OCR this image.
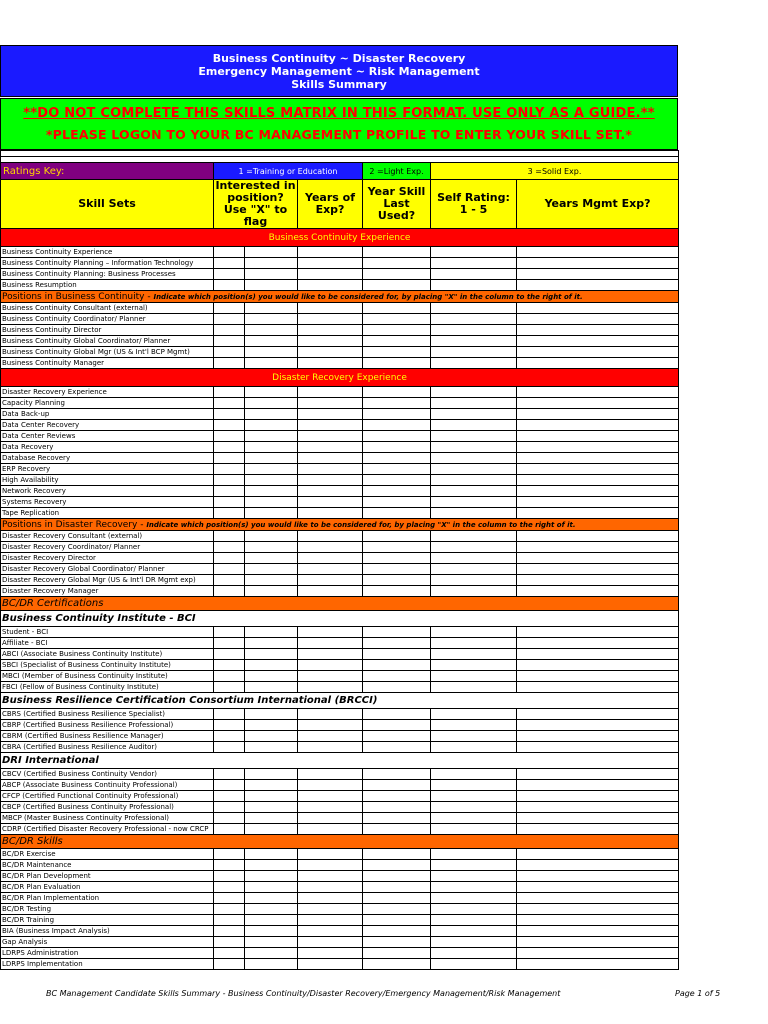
Business Continuity ~ Disaster Recovery
Emergency Management ~ Risk Management
Skills Summary
**DO NOT COMPLETE THIS SKILLS MATRIX IN THIS FORMAT. USE ONLY AS A GUIDE.**
*PLEASE LOGON TO YOUR BC MANAGEMENT PROFILE TO ENTER YOUR SKILL SET.*

Ratings Key:	1 =Training or Education			2 =Light Exp.	3 =Solid Exp.		
Skill Sets	Interested in position? Use "X" to flag		Years of Exp?	Year Skill Last Used?	Self Rating: 1 - 5	Years Mgmt Exp?	
Business Continuity Experience							
Business Continuity Experience							
Business Continuity Planning – Information Technology							
Business Continuity Planning: Business Processes							
Business Resumption							
Positions in Business Continuity - Indicate which position(s) you would like to be considered for, by placing "X" in the column to the right of it.							
Business Continuity Consultant (external)							
Business Continuity Coordinator/ Planner							
Business Continuity Director							
Business Continuity Global Coordinator/ Planner							
Business Continuity Global Mgr (US & Int'l BCP Mgmt)							
Business Continuity Manager							
Disaster Recovery Experience							
Disaster Recovery Experience							
Capacity Planning							
Data Back-up							
Data Center Recovery							
Data Center Reviews							
Data Recovery							
Database Recovery							
ERP Recovery							
High Availability							
Network Recovery							
Systems Recovery							
Tape Replication							
Positions in Disaster Recovery - Indicate which position(s) you would like to be considered for, by placing "X" in the column to the right of it.							
Disaster Recovery Consultant (external)							
Disaster Recovery Coordinator/ Planner							
Disaster Recovery Director							
Disaster Recovery Global Coordinator/ Planner							
Disaster Recovery Global Mgr (US & Int'l DR Mgmt exp)							
Disaster Recovery Manager							
BC/DR Certifications							
Business Continuity Institute - BCI							
Student - BCI							
Affiliate - BCI							
ABCI (Associate Business Continuity Institute)							
SBCI (Specialist of Business Continuity Institute)							
MBCI (Member of Business Continuity Institute)							
FBCI (Fellow of Business Continuity Institute)							
Business Resilience Certification Consortium International (BRCCI)							
CBRS (Certified Business Resilience Specialist)							
CBRP (Certified Business Resilience Professional)							
CBRM (Certified Business Resilience Manager)							
CBRA (Certified Business Resilience Auditor)							
DRI International							
CBCV (Certified Business Continuity Vendor)							
ABCP (Associate Business Continuity Professional)							
CFCP (Certified Functional Continuity Professional)							
CBCP (Certified Business Continuity Professional)							
MBCP (Master Business Continuity Professional)							
CDRP (Certified Disaster Recovery Professional - now CRCP							
BC/DR Skills							
BC/DR Exercise							
BC/DR Maintenance							
BC/DR Plan Development							
BC/DR Plan Evaluation							
BC/DR Plan Implementation							
BC/DR Testing							
BC/DR Training							
BIA (Business Impact Analysis)							
Gap Analysis							
LDRPS Administration							
LDRPS Implementation							
BC Management Candidate Skills Summary - Business Continuity/Disaster Recovery/Emergency Management/Risk Management	Page 1 of 5
